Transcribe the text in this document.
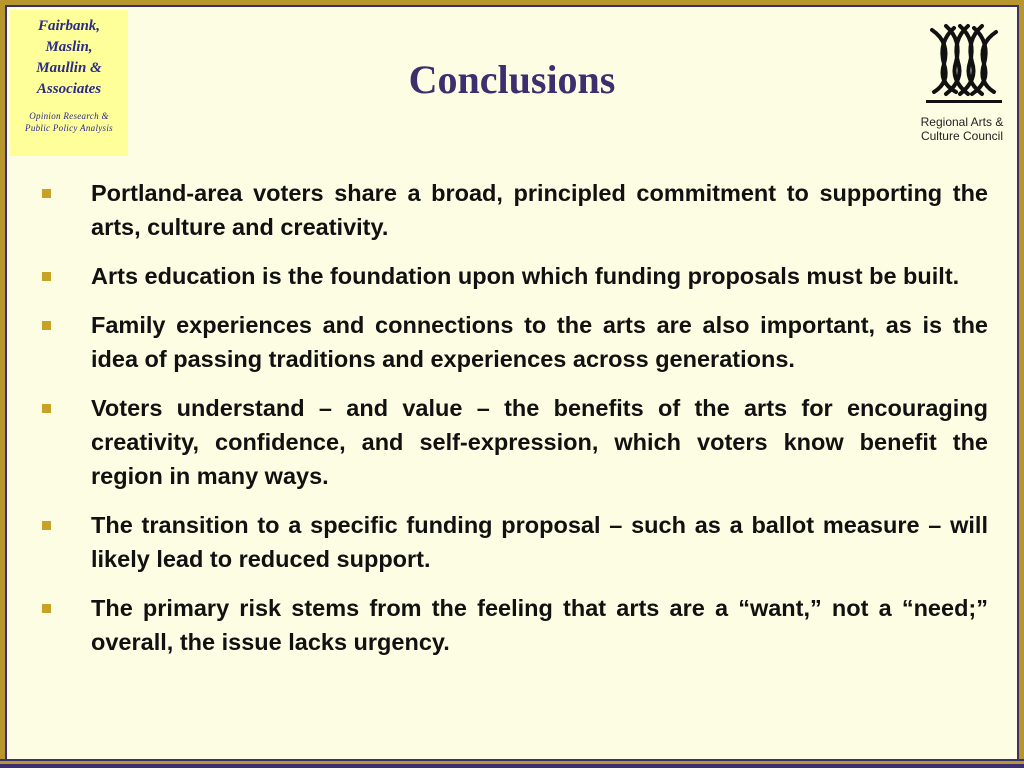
Fairbank,
Maslin,
Maullin &
Associates
Opinion Research &
Public Policy Analysis
Conclusions
Regional Arts &
Culture Council
Portland-area voters share a broad, principled commitment to supporting the arts, culture and creativity.
Arts education is the foundation upon which funding proposals must be built.
Family experiences and connections to the arts are also important, as is the idea of passing traditions and experiences across generations.
Voters understand – and value – the benefits of the arts for encouraging creativity, confidence, and self-expression, which voters know benefit the region in many ways.
The transition to a specific funding proposal – such as a ballot measure – will likely lead to reduced support.
The primary risk stems from the feeling that arts are a “want,” not a “need;” overall, the issue lacks urgency.
